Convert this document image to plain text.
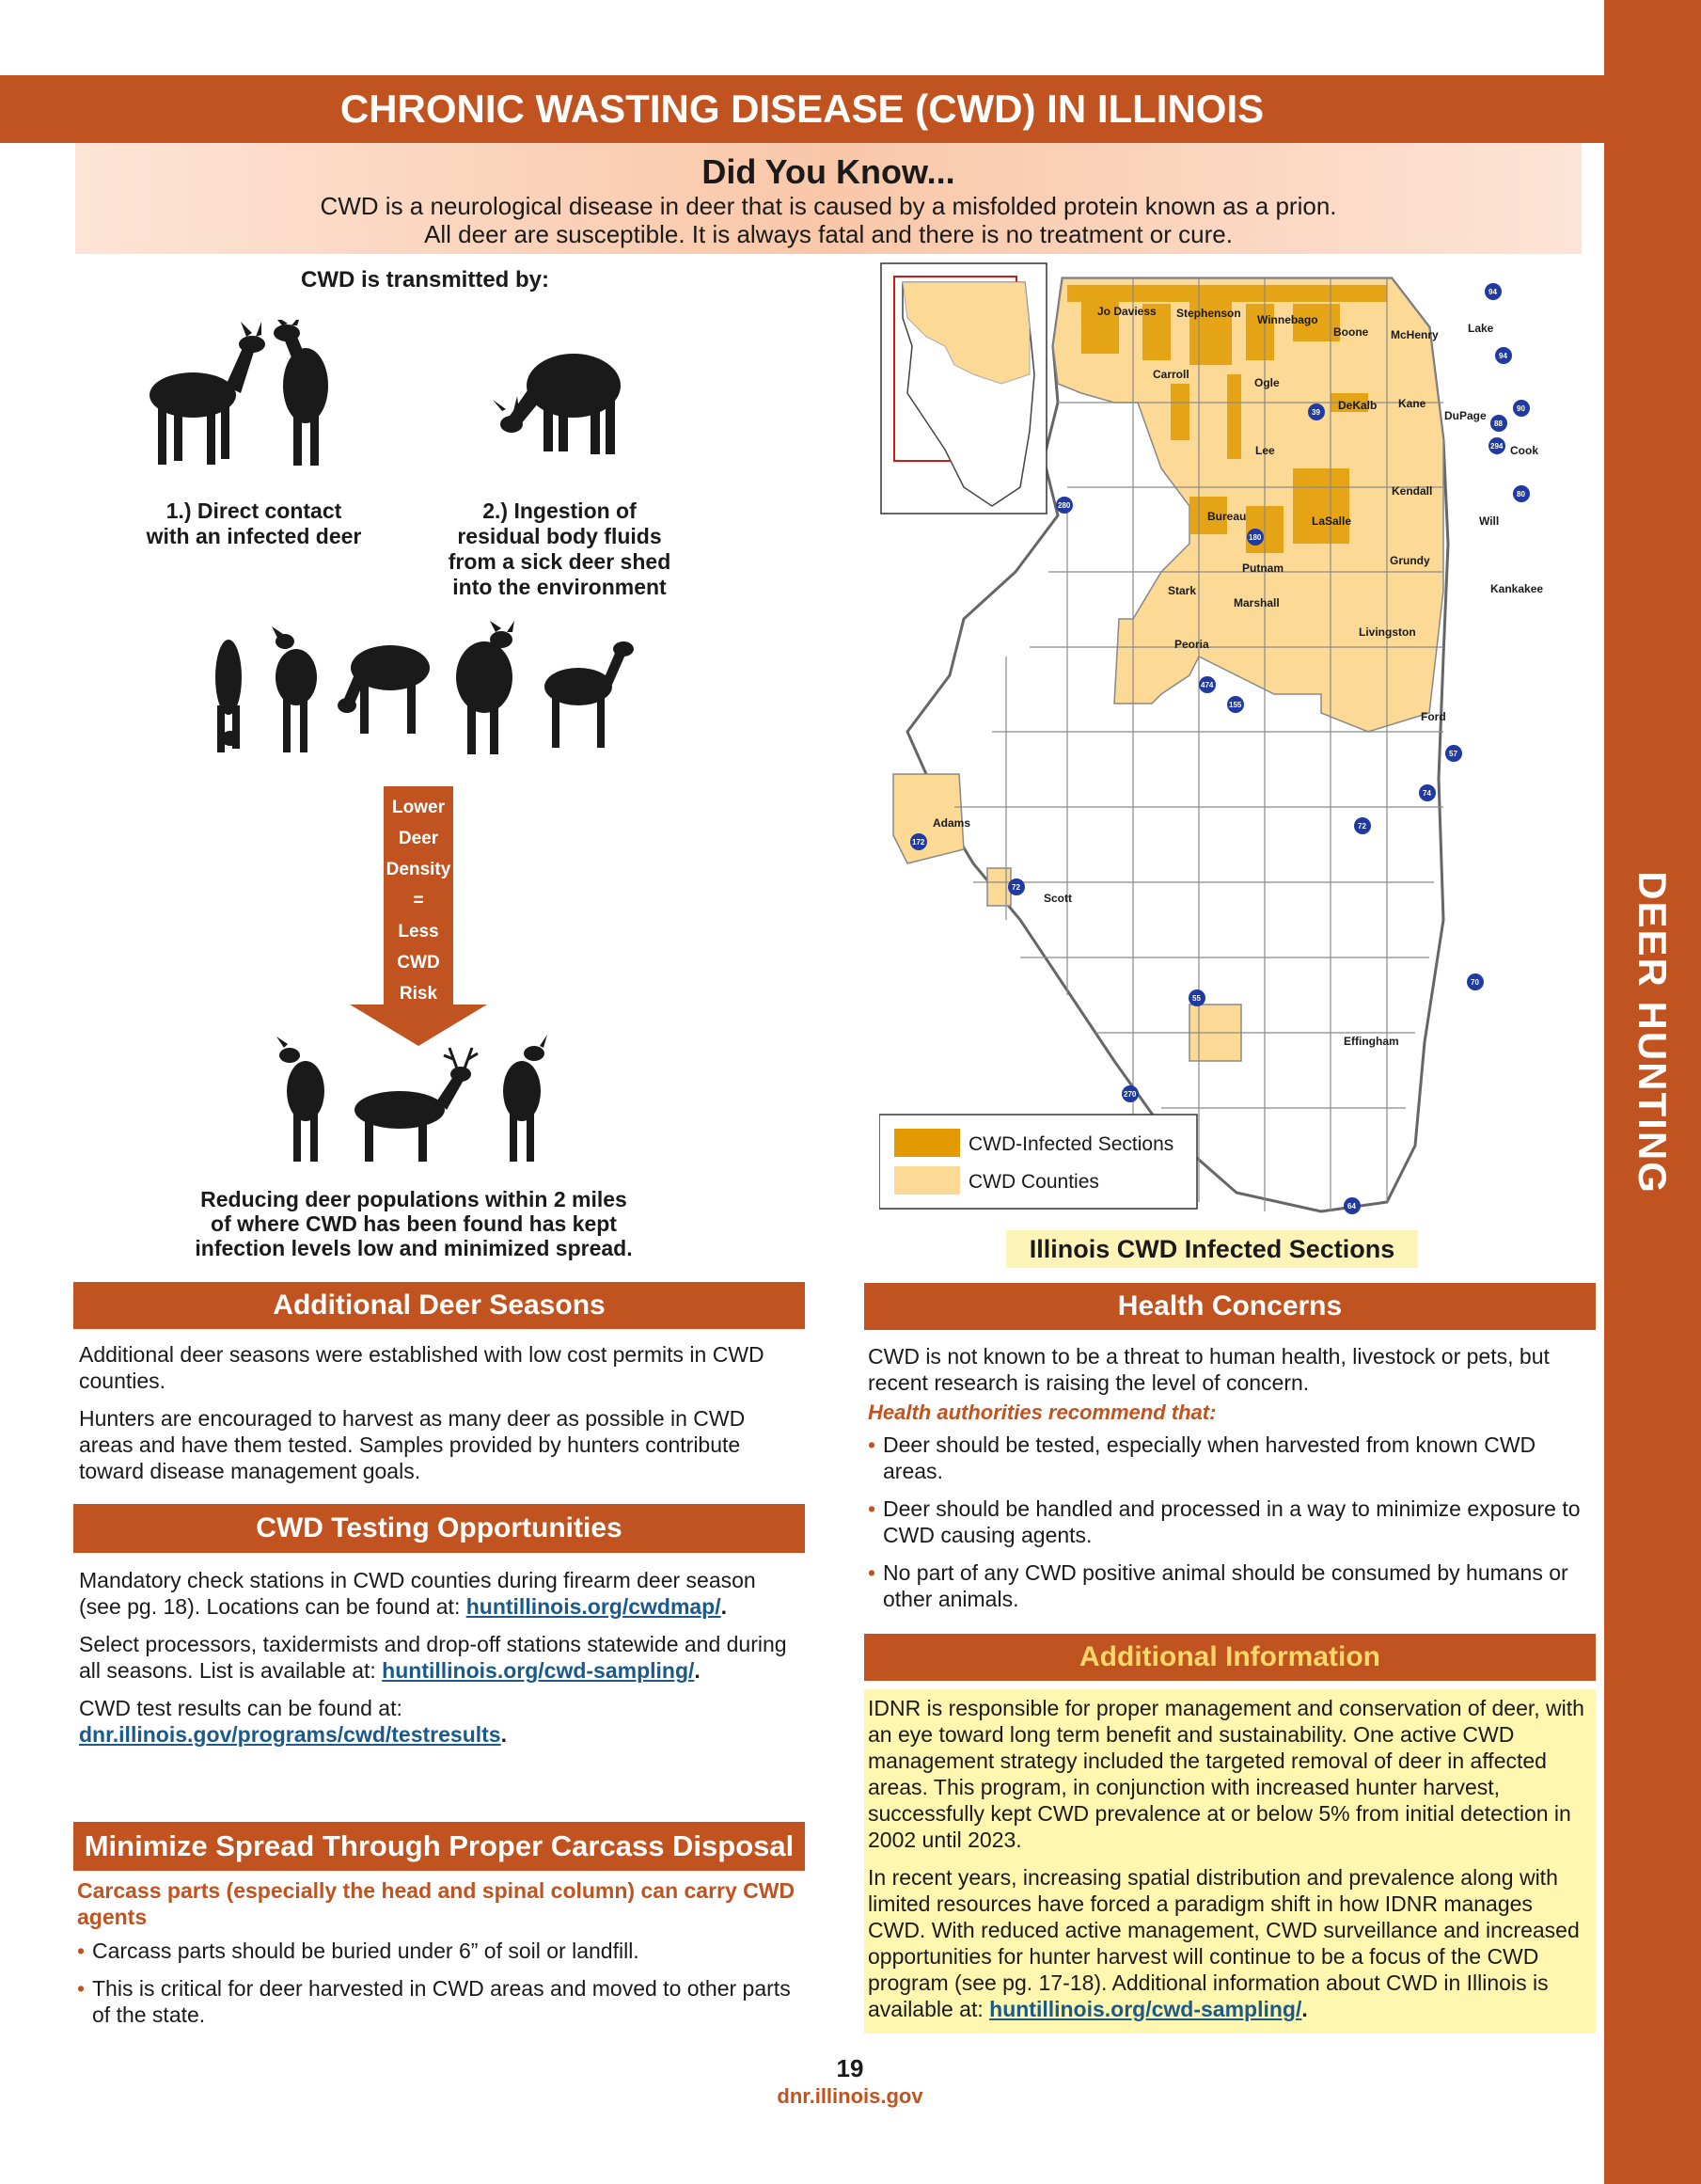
DEER HUNTING
CHRONIC WASTING DISEASE (CWD) IN ILLINOIS
Did You Know...

CWD is a neurological disease in deer that is caused by a misfolded protein known as a prion.

All deer are susceptible. It is always fatal and there is no treatment or cure.

CWD is transmitted by:
1.) Direct contact
with an infected deer
2.) Ingestion of
residual body fluids
from a sick deer shed
into the environment
Lower
Deer
Density
=
Less
CWD
Risk
Reducing deer populations within 2 miles
of where CWD has been found has kept
infection levels low and minimized spread.
Jo Daviess Stephenson Winnebago
Boone McHenry	Lake
Carroll
Ogle
DeKalb Kane
DuPage
Cook
Lee
Kendall
Bureau	LaSalle	Will
Putnam
Grundy
Stark
Marshall
Kankakee
Livingston
Peoria
Ford
Adams
Scott
Effingham
94
94
90
88
294
80
39
280
180
474
155
57
74
72
172
72
55
70
270
64
CWD-Infected Sections
CWD Counties
Illinois CWD Infected Sections
Additional Deer Seasons

Additional deer seasons were established with low cost permits in CWD counties.

Hunters are encouraged to harvest as many deer as possible in CWD areas and have them tested. Samples provided by hunters contribute toward disease management goals.

CWD Testing Opportunities

Mandatory check stations in CWD counties during firearm deer season (see pg. 18). Locations can be found at: huntillinois.org/cwdmap/.

Select processors, taxidermists and drop-off stations statewide and during all seasons. List is available at: huntillinois.org/cwd-sampling/.

CWD test results can be found at: dnr.illinois.gov/programs/cwd/testresults.

Minimize Spread Through Proper Carcass Disposal
Carcass parts (especially the head and spinal column) can carry CWD agents
• Carcass parts should be buried under 6” of soil or landfill.
• This is critical for deer harvested in CWD areas and moved to other parts of the state.
Health Concerns

CWD is not known to be a threat to human health, livestock or pets, but recent research is raising the level of concern.

Health authorities recommend that:
• Deer should be tested, especially when harvested from known CWD areas.
• Deer should be handled and processed in a way to minimize exposure to CWD causing agents.
• No part of any CWD positive animal should be consumed by humans or other animals.
Additional Information

IDNR is responsible for proper management and conservation of deer, with an eye toward long term benefit and sustainability. One active CWD management strategy included the targeted removal of deer in affected areas. This program, in conjunction with increased hunter harvest, successfully kept CWD prevalence at or below 5% from initial detection in 2002 until 2023.

In recent years, increasing spatial distribution and prevalence along with limited resources have forced a paradigm shift in how IDNR manages CWD. With reduced active management, CWD surveillance and increased opportunities for hunter harvest will continue to be a focus of the CWD program (see pg. 17-18). Additional information about CWD in Illinois is available at: huntillinois.org/cwd-sampling/.

19
dnr.illinois.gov
